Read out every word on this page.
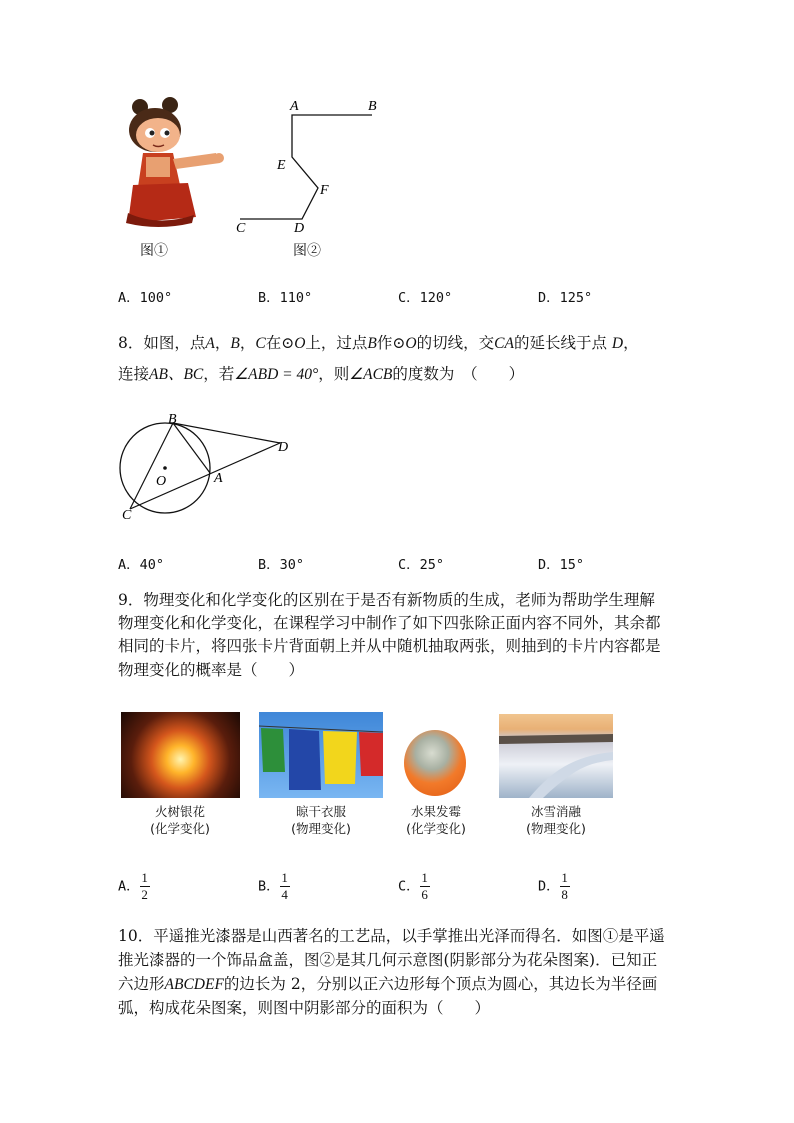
图①
A	B
E
F
D
C
图②
A．100°	B．110°	C．120°	D．125°
8．如图，点A，B，C在⊙O上，过点B作⊙O的切线，交CA的延长线于点 D，
连接AB、BC，若∠ABD = 40°，则∠ACB的度数为　（　　）
B
D
A
C
O
A．40°	B．30°	C．25°	D．15°
9．物理变化和化学变化的区别在于是否有新物质的生成，老师为帮助学生理解
物理变化和化学变化，在课程学习中制作了如下四张除正面内容不同外，其余都
相同的卡片，将四张卡片背面朝上并从中随机抽取两张，则抽到的卡片内容都是
物理变化的概率是（　　）
火树银花
(化学变化)
晾干衣服
(物理变化)
水果发霉
(化学变化)
冰雪消融
(物理变化)
A． $\frac{1}{2}$	B． $\frac{1}{4}$	C． $\frac{1}{6}$	D． $\frac{1}{8}$
10．平遥推光漆器是山西著名的工艺品，以手掌推出光泽而得名．如图①是平遥
推光漆器的一个饰品盒盖，图②是其几何示意图(阴影部分为花朵图案)．已知正
六边形ABCDEF的边长为 2，分别以正六边形每个顶点为圆心，其边长为半径画
弧，构成花朵图案，则图中阴影部分的面积为（　　）
